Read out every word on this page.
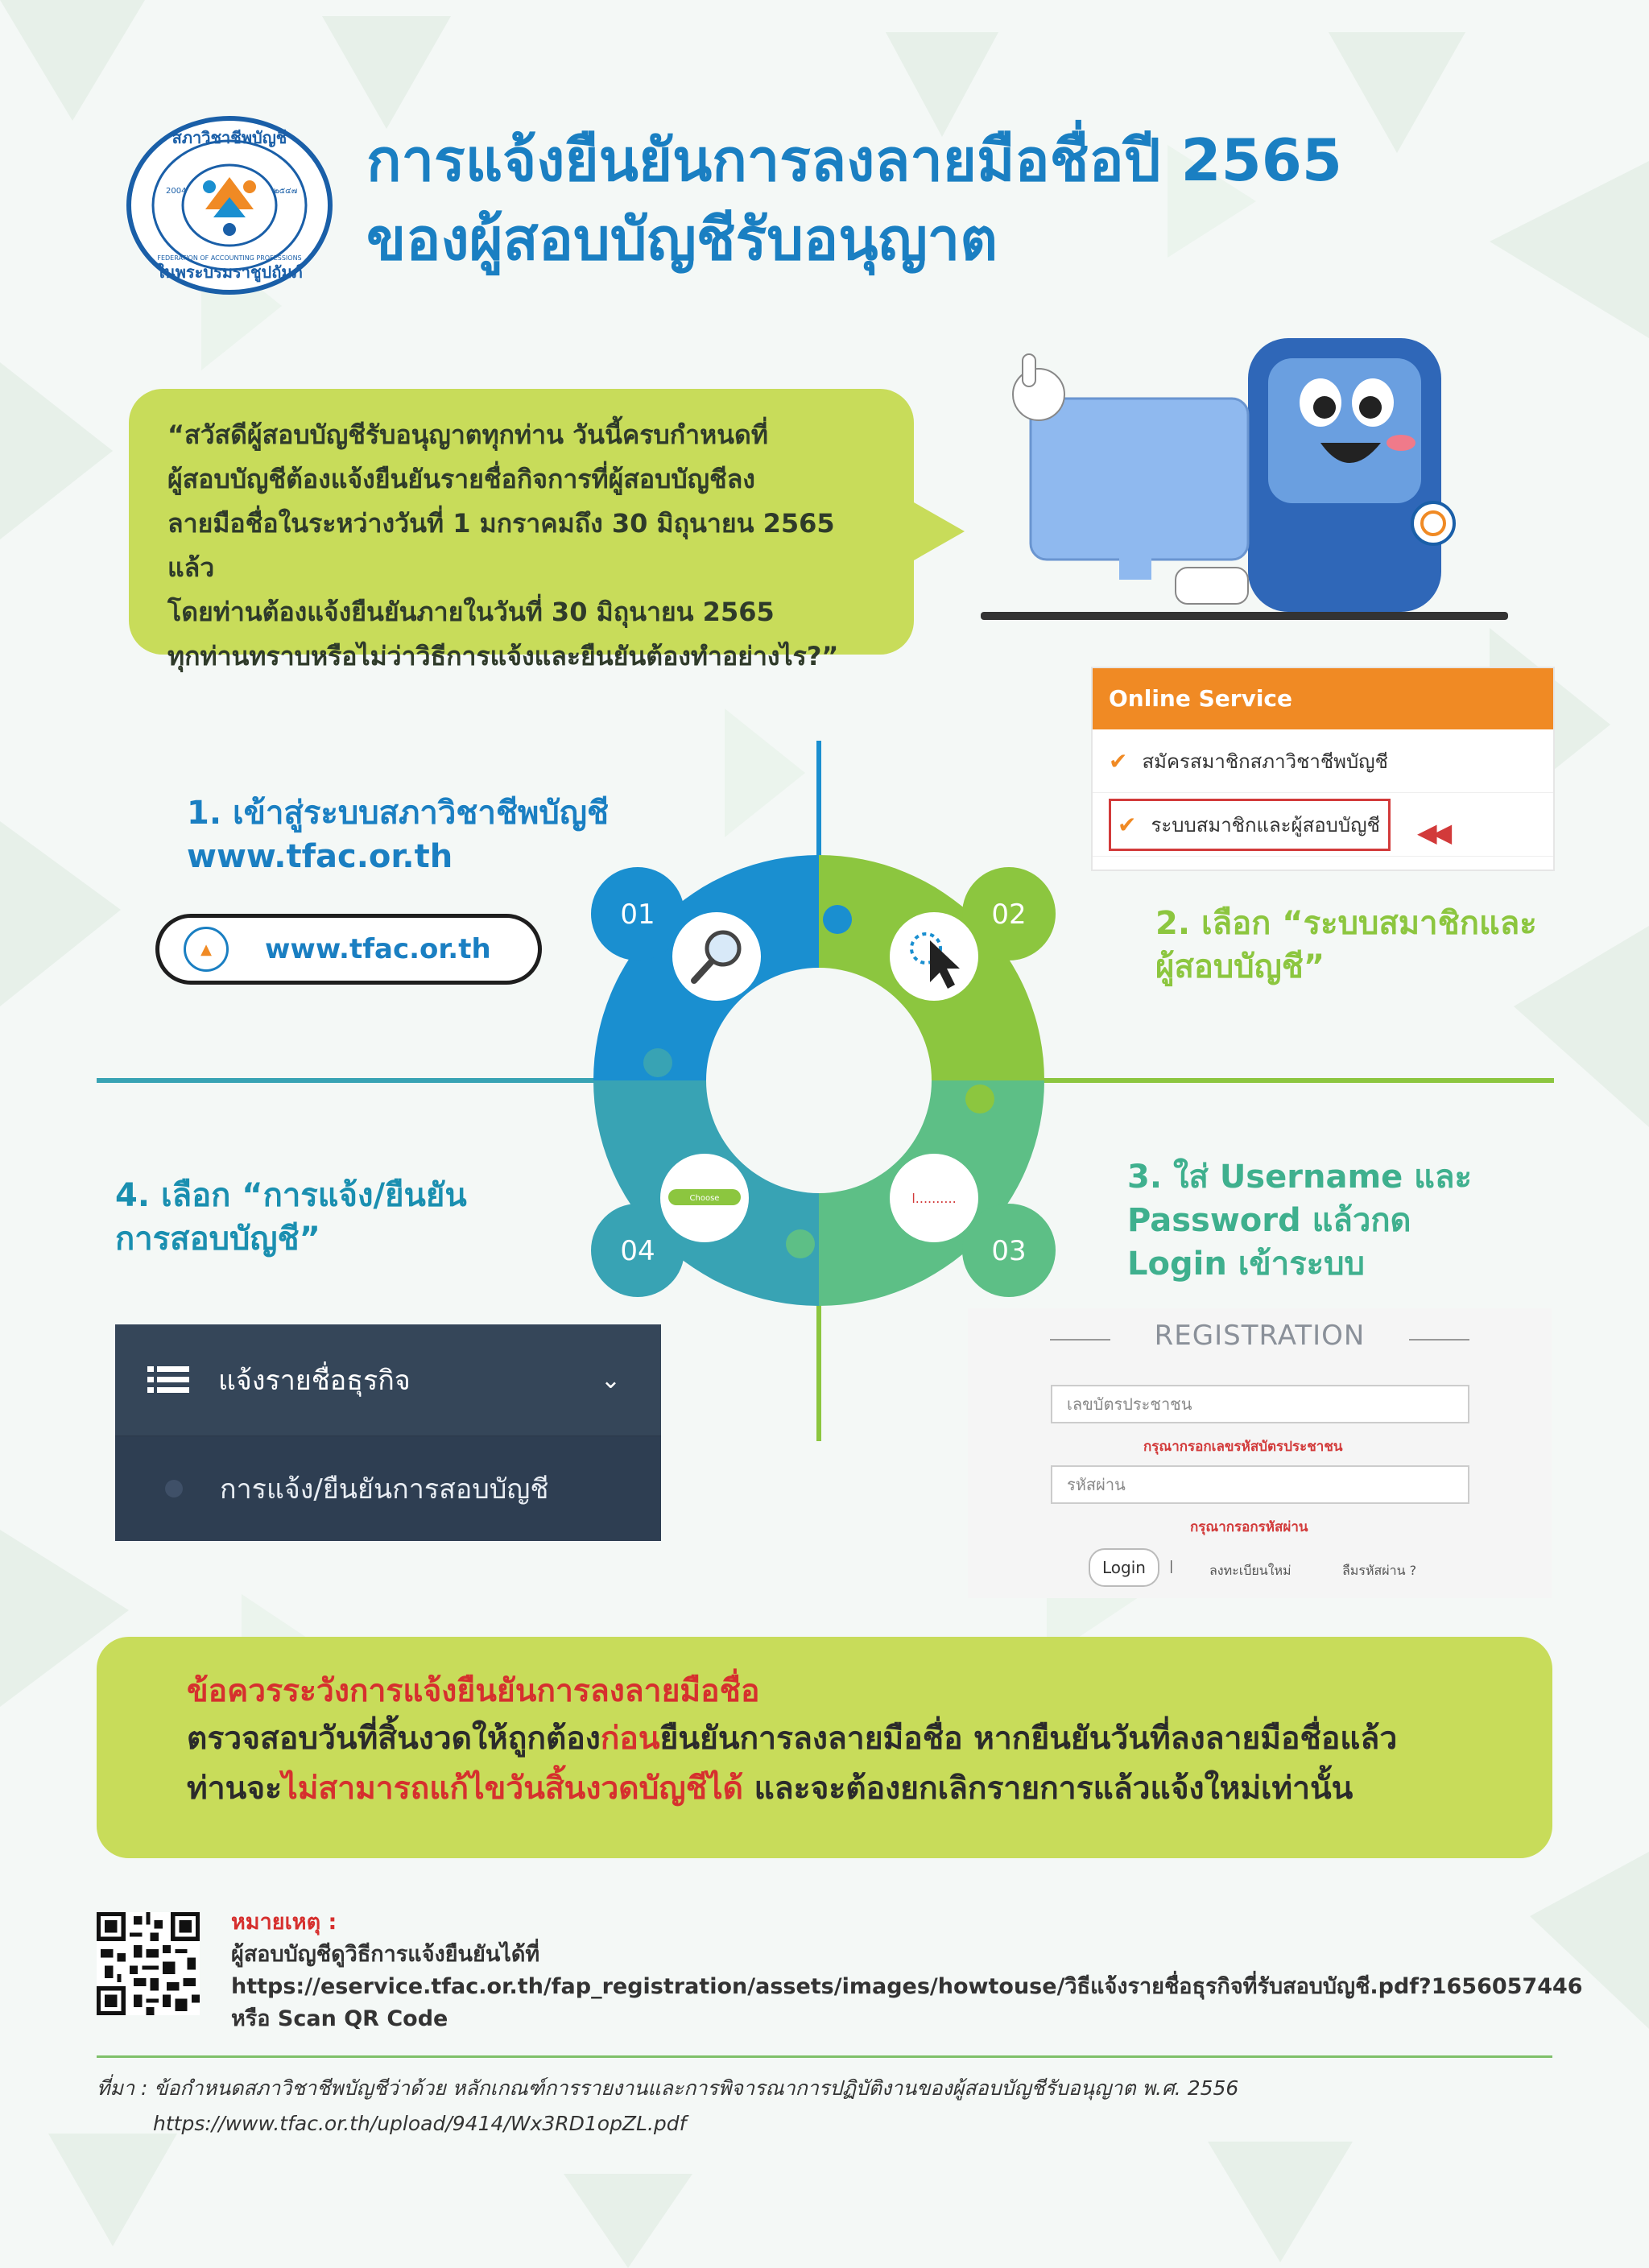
สภาวิชาชีพบัญชี
ในพระบรมราชูปถัมภ์
FEDERATION OF ACCOUNTING PROFESSIONS
2004	๒๕๔๗ การแจ้งยืนยันการลงลายมือชื่อปี 2565
ของผู้สอบบัญชีรับอนุญาต

“สวัสดีผู้สอบบัญชีรับอนุญาตทุกท่าน วันนี้ครบกำหนดที่

ผู้สอบบัญชีต้องแจ้งยืนยันรายชื่อกิจการที่ผู้สอบบัญชีลง

ลายมือชื่อในระหว่างวันที่ 1 มกราคมถึง 30 มิถุนายน 2565 แล้ว

โดยท่านต้องแจ้งยืนยันภายในวันที่ 30 มิถุนายน 2565

ทุกท่านทราบหรือไม่ว่าวิธีการแจ้งและยืนยันต้องทำอย่างไร?”

Online Service
✔ สมัครสมาชิกสภาวิชาชีพบัญชี
✔ ระบบสมาชิกและผู้สอบบัญชี ◀◀
1. เข้าสู่ระบบสภาวิชาชีพบัญชี
www.tfac.or.th
2. เลือก “ระบบสมาชิกและ
ผู้สอบบัญชี”
3. ใส่ Username และ
Password แล้วกด
Login เข้าระบบ
4. เลือก “การแจ้ง/ยืนยัน
การสอบบัญชี”
▲	www.tfac.or.th
01	02
03
04
l..........
Choose
แจ้งรายชื่อธุรกิจ	⌄
การแจ้ง/ยืนยันการสอบบัญชี
REGISTRATION
เลขบัตรประชาชน
กรุณากรอกเลขรหัสบัตรประชาชน
รหัสผ่าน
กรุณากรอกรหัสผ่าน
Login	|	ลงทะเบียนใหม่	ลืมรหัสผ่าน ?
ข้อควรระวังการแจ้งยืนยันการลงลายมือชื่อ
ตรวจสอบวันที่สิ้นงวดให้ถูกต้องก่อนยืนยันการลงลายมือชื่อ หากยืนยันวันที่ลงลายมือชื่อแล้ว
ท่านจะไม่สามารถแก้ไขวันสิ้นงวดบัญชีได้ และจะต้องยกเลิกรายการแล้วแจ้งใหม่เท่านั้น
หมายเหตุ :
ผู้สอบบัญชีดูวิธีการแจ้งยืนยันได้ที่
https://eservice.tfac.or.th/fap_registration/assets/images/howtouse/วิธีแจ้งรายชื่อธุรกิจที่รับสอบบัญชี.pdf?1656057446
หรือ Scan QR Code
ที่มา : ข้อกำหนดสภาวิชาชีพบัญชีว่าด้วย หลักเกณฑ์การรายงานและการพิจารณาการปฏิบัติงานของผู้สอบบัญชีรับอนุญาต พ.ศ. 2556
https://www.tfac.or.th/upload/9414/Wx3RD1opZL.pdf
